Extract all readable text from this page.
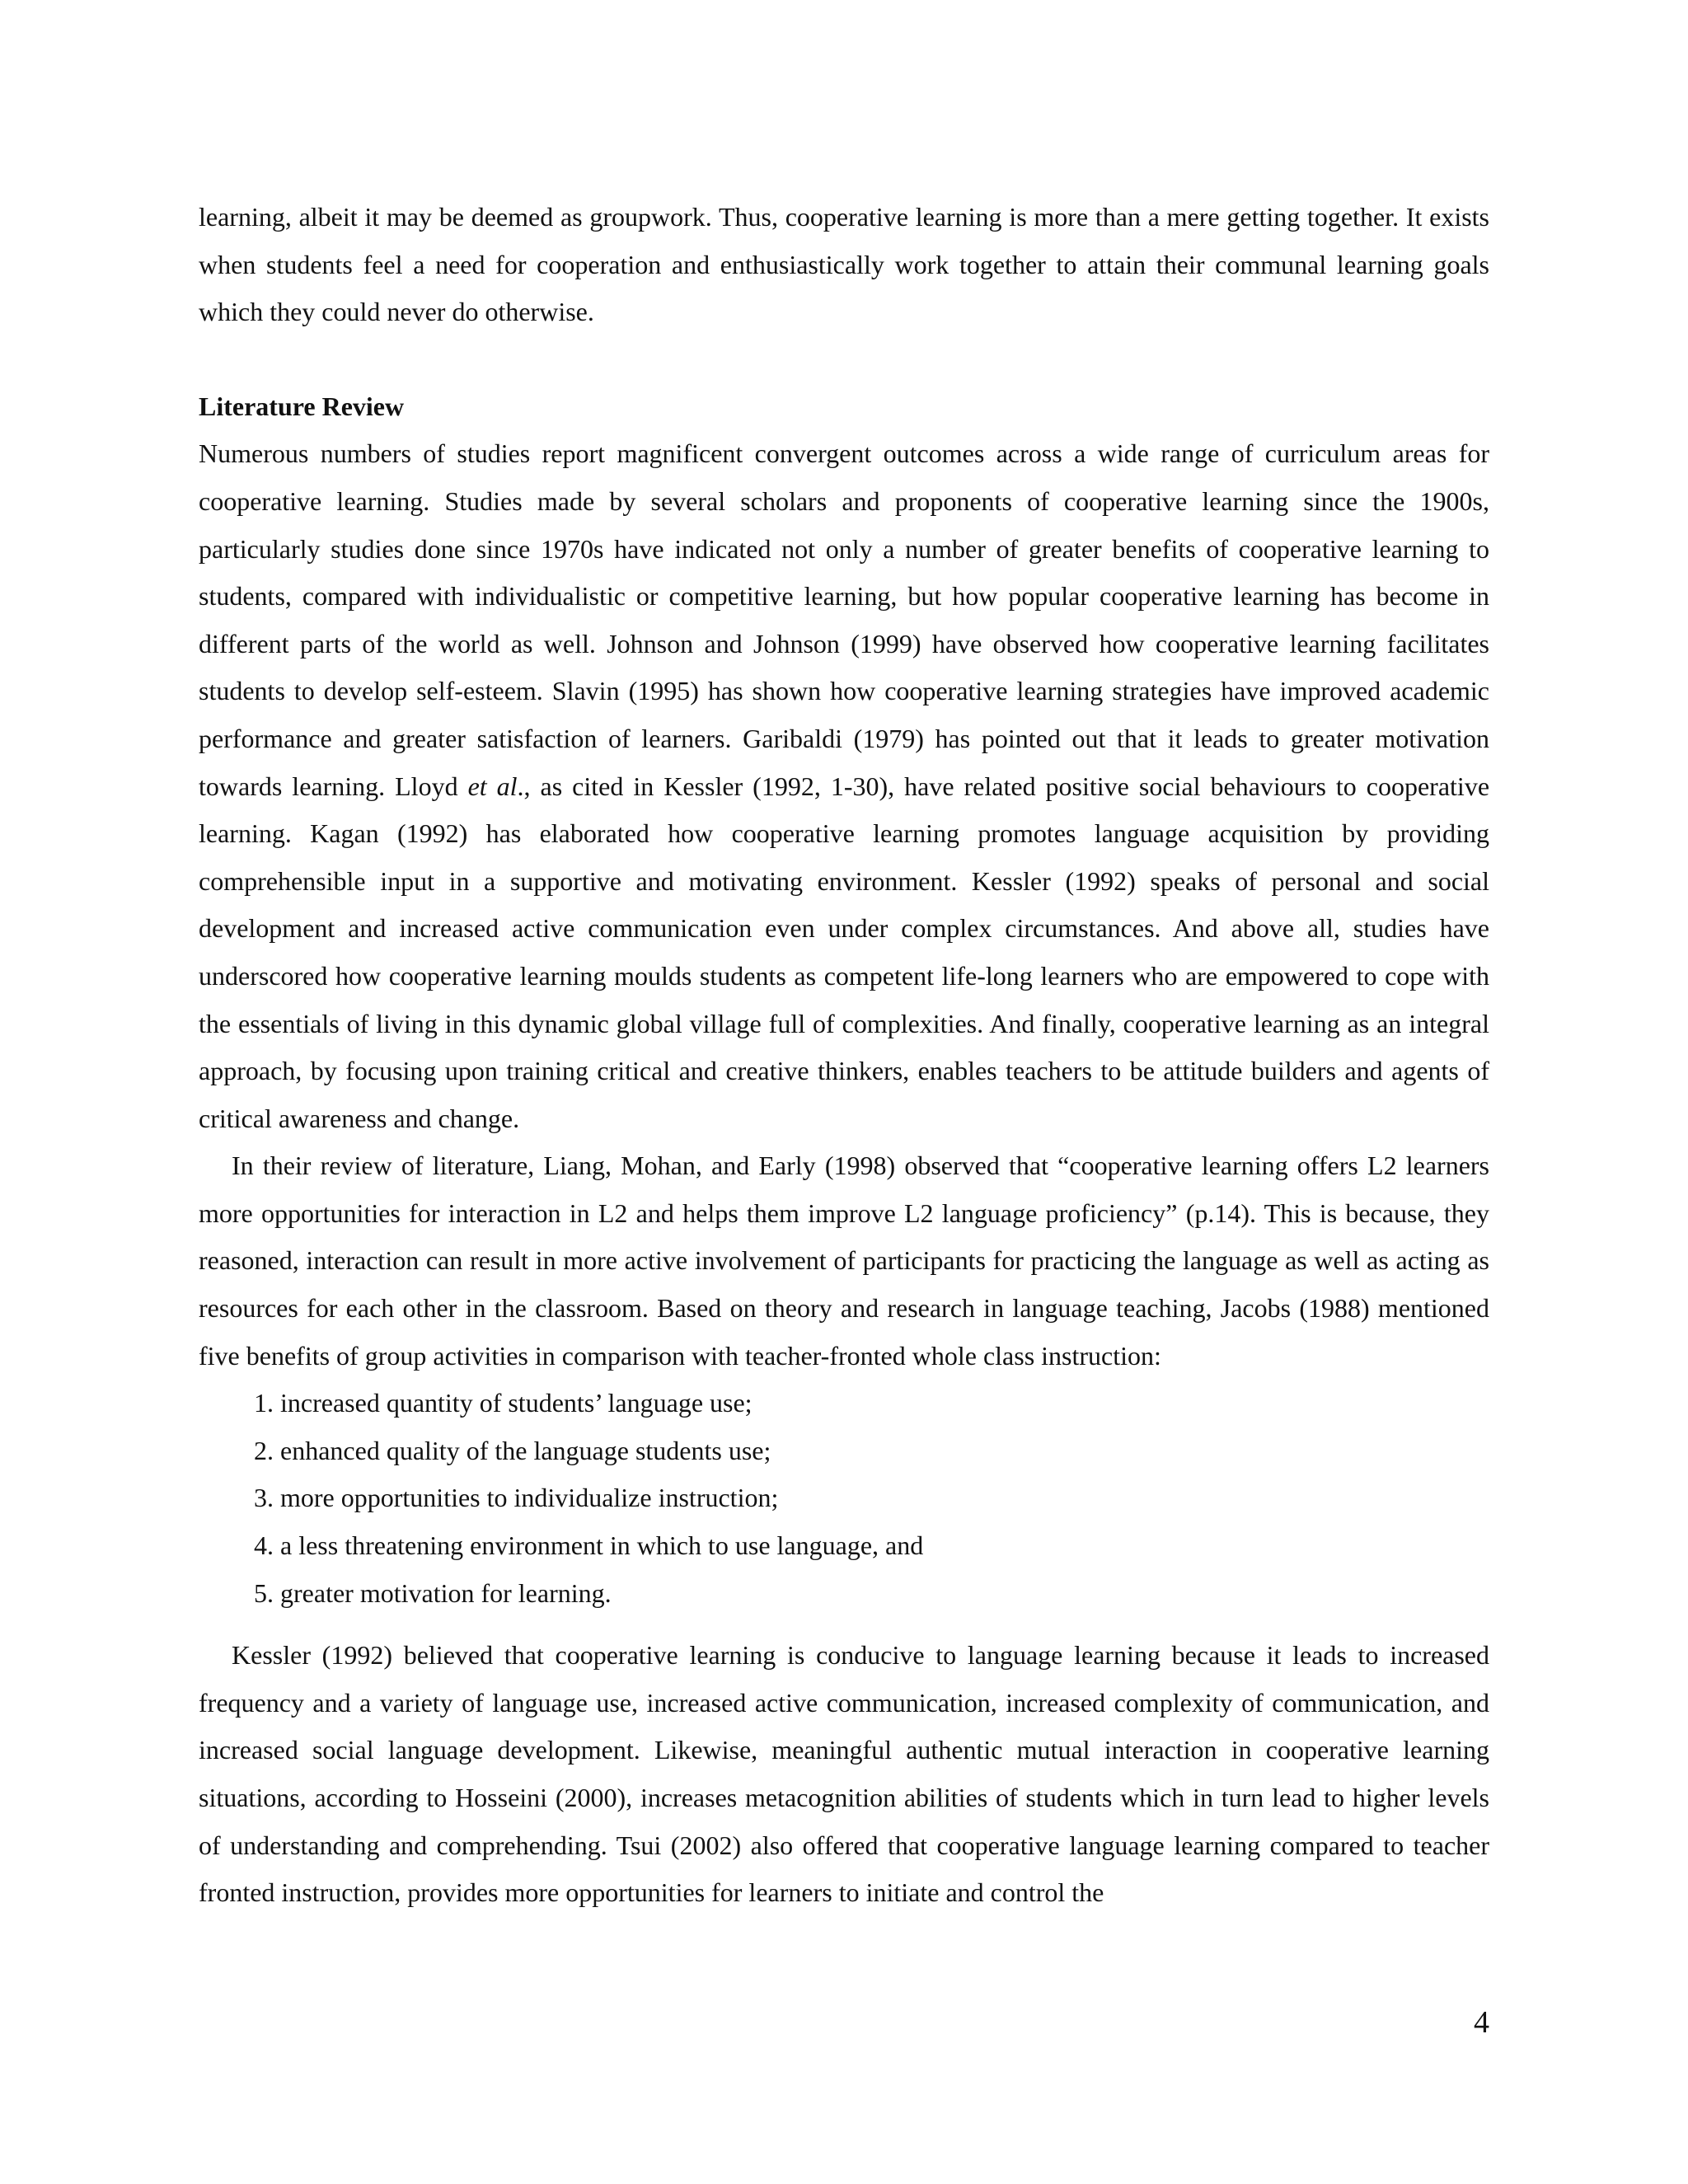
learning, albeit it may be deemed as groupwork. Thus, cooperative learning is more than a mere getting together. It exists when students feel a need for cooperation and enthusiastically work together to attain their communal learning goals which they could never do otherwise.

Literature Review

Numerous numbers of studies report magnificent convergent outcomes across a wide range of curriculum areas for cooperative learning. Studies made by several scholars and proponents of cooperative learning since the 1900s, particularly studies done since 1970s have indicated not only a number of greater benefits of cooperative learning to students, compared with individualistic or competitive learning, but how popular cooperative learning has become in different parts of the world as well. Johnson and Johnson (1999) have observed how cooperative learning facilitates students to develop self-esteem. Slavin (1995) has shown how cooperative learning strategies have improved academic performance and greater satisfaction of learners. Garibaldi (1979) has pointed out that it leads to greater motivation towards learning. Lloyd et al., as cited in Kessler (1992, 1-30), have related positive social behaviours to cooperative learning. Kagan (1992) has elaborated how cooperative learning promotes language acquisition by providing comprehensible input in a supportive and motivating environment. Kessler (1992) speaks of personal and social development and increased active communication even under complex circumstances. And above all, studies have underscored how cooperative learning moulds students as competent life-long learners who are empowered to cope with the essentials of living in this dynamic global village full of complexities. And finally, cooperative learning as an integral approach, by focusing upon training critical and creative thinkers, enables teachers to be attitude builders and agents of critical awareness and change.

In their review of literature, Liang, Mohan, and Early (1998) observed that “cooperative learning offers L2 learners more opportunities for interaction in L2 and helps them improve L2 language proficiency” (p.14). This is because, they reasoned, interaction can result in more active involvement of participants for practicing the language as well as acting as resources for each other in the classroom. Based on theory and research in language teaching, Jacobs (1988) mentioned five benefits of group activities in comparison with teacher-fronted whole class instruction:

1. increased quantity of students’ language use;
2. enhanced quality of the language students use;
3. more opportunities to individualize instruction;
4. a less threatening environment in which to use language, and
5. greater motivation for learning.

Kessler (1992) believed that cooperative learning is conducive to language learning because it leads to increased frequency and a variety of language use, increased active communication, increased complexity of communication, and increased social language development. Likewise, meaningful authentic mutual interaction in cooperative learning situations, according to Hosseini (2000), increases metacognition abilities of students which in turn lead to higher levels of understanding and comprehending. Tsui (2002) also offered that cooperative language learning compared to teacher fronted instruction, provides more opportunities for learners to initiate and control the

4
